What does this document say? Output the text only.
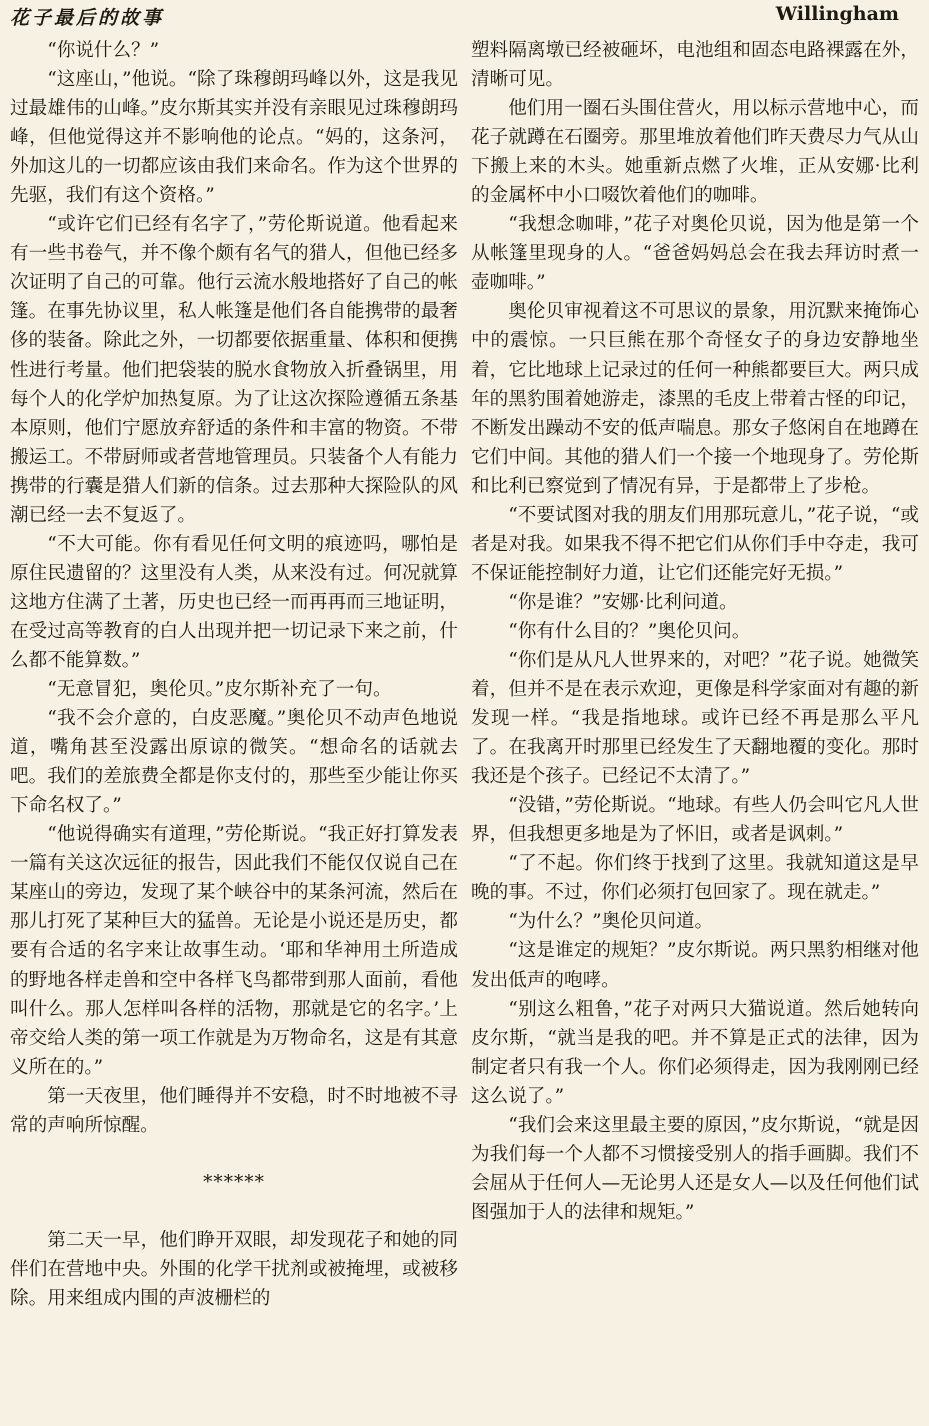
花子最后的故事	Willingham

“你说什么？”

“这座山，”他说。“除了珠穆朗玛峰以外，这是我见过最雄伟的山峰。”皮尔斯其实并没有亲眼见过珠穆朗玛峰，但他觉得这并不影响他的论点。“妈的，这条河，外加这儿的一切都应该由我们来命名。作为这个世界的先驱，我们有这个资格。”

“或许它们已经有名字了，”劳伦斯说道。他看起来有一些书卷气，并不像个颇有名气的猎人，但他已经多次证明了自己的可靠。他行云流水般地搭好了自己的帐篷。在事先协议里，私人帐篷是他们各自能携带的最奢侈的装备。除此之外，一切都要依据重量、体积和便携性进行考量。他们把袋装的脱水食物放入折叠锅里，用每个人的化学炉加热复原。为了让这次探险遵循五条基本原则，他们宁愿放弃舒适的条件和丰富的物资。不带搬运工。不带厨师或者营地管理员。只装备个人有能力携带的行囊是猎人们新的信条。过去那种大探险队的风潮已经一去不复返了。

“不大可能。你有看见任何文明的痕迹吗，哪怕是原住民遗留的？这里没有人类，从来没有过。何况就算这地方住满了土著，历史也已经一而再再而三地证明，在受过高等教育的白人出现并把一切记录下来之前，什么都不能算数。”

“无意冒犯，奥伦贝。”皮尔斯补充了一句。

“我不会介意的，白皮恶魔。”奥伦贝不动声色地说道，嘴角甚至没露出原谅的微笑。“想命名的话就去吧。我们的差旅费全都是你支付的，那些至少能让你买下命名权了。”

“他说得确实有道理，”劳伦斯说。“我正好打算发表一篇有关这次远征的报告，因此我们不能仅仅说自己在某座山的旁边，发现了某个峡谷中的某条河流，然后在那儿打死了某种巨大的猛兽。无论是小说还是历史，都要有合适的名字来让故事生动。‘耶和华神用土所造成的野地各样走兽和空中各样飞鸟都带到那人面前，看他叫什么。那人怎样叫各样的活物，那就是它的名字。’上帝交给人类的第一项工作就是为万物命名，这是有其意义所在的。”

第一天夜里，他们睡得并不安稳，时不时地被不寻常的声响所惊醒。

******

第二天一早，他们睁开双眼，却发现花子和她的同伴们在营地中央。外围的化学干扰剂或被掩埋，或被移除。用来组成内围的声波栅栏的

塑料隔离墩已经被砸坏，电池组和固态电路裸露在外，清晰可见。

他们用一圈石头围住营火，用以标示营地中心，而花子就蹲在石圈旁。那里堆放着他们昨天费尽力气从山下搬上来的木头。她重新点燃了火堆，正从安娜·比利的金属杯中小口啜饮着他们的咖啡。

“我想念咖啡，”花子对奥伦贝说，因为他是第一个从帐篷里现身的人。“爸爸妈妈总会在我去拜访时煮一壶咖啡。”

奥伦贝审视着这不可思议的景象，用沉默来掩饰心中的震惊。一只巨熊在那个奇怪女子的身边安静地坐着，它比地球上记录过的任何一种熊都要巨大。两只成年的黑豹围着她游走，漆黑的毛皮上带着古怪的印记，不断发出躁动不安的低声喘息。那女子悠闲自在地蹲在它们中间。其他的猎人们一个接一个地现身了。劳伦斯和比利已察觉到了情况有异，于是都带上了步枪。

“不要试图对我的朋友们用那玩意儿，”花子说，“或者是对我。如果我不得不把它们从你们手中夺走，我可不保证能控制好力道，让它们还能完好无损。”

“你是谁？”安娜·比利问道。

“你有什么目的？”奥伦贝问。

“你们是从凡人世界来的，对吧？”花子说。她微笑着，但并不是在表示欢迎，更像是科学家面对有趣的新发现一样。“我是指地球。或许已经不再是那么平凡了。在我离开时那里已经发生了天翻地覆的变化。那时我还是个孩子。已经记不太清了。”

“没错，”劳伦斯说。“地球。有些人仍会叫它凡人世界，但我想更多地是为了怀旧，或者是讽刺。”

“了不起。你们终于找到了这里。我就知道这是早晚的事。不过，你们必须打包回家了。现在就走。”

“为什么？”奥伦贝问道。

“这是谁定的规矩？”皮尔斯说。两只黑豹相继对他发出低声的咆哮。

“别这么粗鲁，”花子对两只大猫说道。然后她转向皮尔斯，“就当是我的吧。并不算是正式的法律，因为制定者只有我一个人。你们必须得走，因为我刚刚已经这么说了。”

“我们会来这里最主要的原因，”皮尔斯说，“就是因为我们每一个人都不习惯接受别人的指手画脚。我们不会屈从于任何人—无论男人还是女人—以及任何他们试图强加于人的法律和规矩。”
